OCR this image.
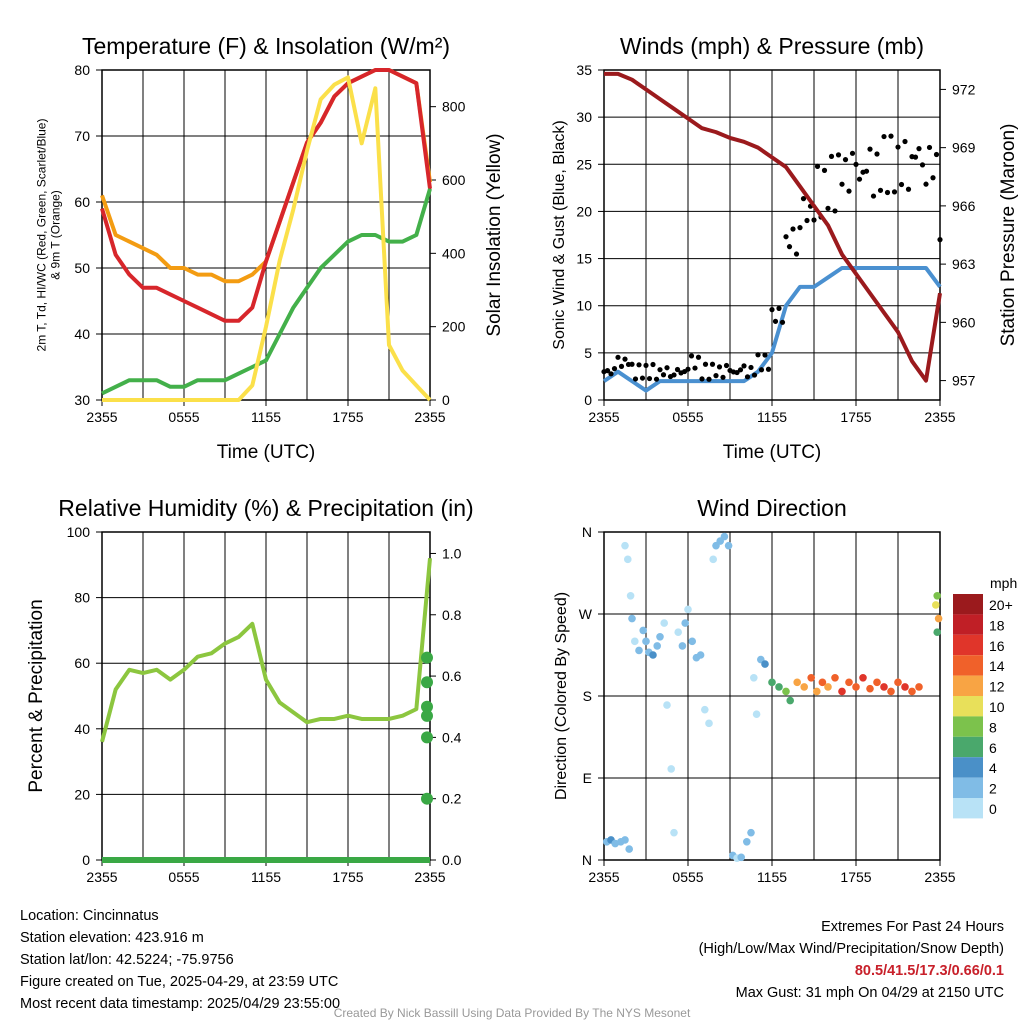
30
40
50
60
70
80
0
200
400
600
800
2355	0555	1155	1755	2355
Temperature (F) & Insolation (W/m²)
Time (UTC)
0
5
10
15
20
25
30
35
957
960
963
966
969
972
2355	0555	1155	1755	2355
Winds (mph) & Pressure (mb)
Time (UTC)
0
20
40
60
80
100
0.0
0.2
0.4
0.6
0.8
1.0
2355	0555	1155	1755	2355
Relative Humidity (%) & Precipitation (in)
N
E
S
W
N
2355	0555	1155	1755	2355
Wind Direction
mph
20+
18
16
14
12
10
8
6
4
2
0
Solar Insolation (Yellow)	Sonic Wind & Gust (Blue, Black)	Station Pressure (Maroon)
Percent & Precipitation	Direction (Colored By Speed)
2m T, Td, HI/WC (Red, Green, Scarlet/Blue) & 9m T (Orange)
Location: Cincinnatus
Station elevation: 423.916 m
Station lat/lon: 42.5224; -75.9756
Figure created on Tue, 2025-04-29, at 23:59 UTC
Most recent data timestamp: 2025/04/29 23:55:00
Extremes For Past 24 Hours
(High/Low/Max Wind/Precipitation/Snow Depth)
80.5/41.5/17.3/0.66/0.1
Max Gust: 31 mph On 04/29 at 2150 UTC
Created By Nick Bassill Using Data Provided By The NYS Mesonet
